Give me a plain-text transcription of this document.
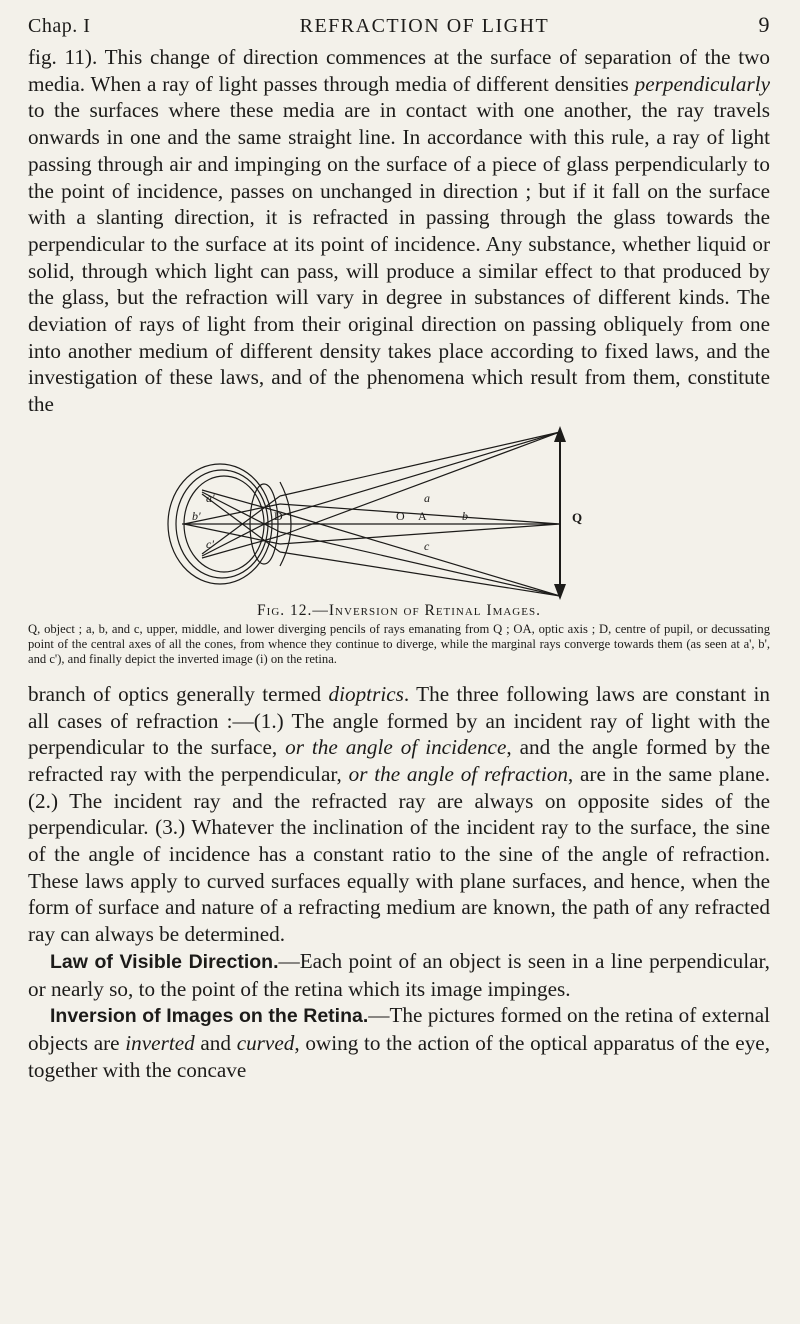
Chap. I	REFRACTION OF LIGHT	9

fig. 11). This change of direction commences at the surface of separation of the two media. When a ray of light passes through media of different densities perpendicularly to the surfaces where these media are in contact with one another, the ray travels onwards in one and the same straight line. In accordance with this rule, a ray of light passing through air and impinging on the surface of a piece of glass perpendicularly to the point of incidence, passes on unchanged in direction ; but if it fall on the surface with a slanting direction, it is refracted in passing through the glass towards the perpendicular to the surface at its point of incidence. Any substance, whether liquid or solid, through which light can pass, will produce a similar effect to that produced by the glass, but the refraction will vary in degree in substances of different kinds. The deviation of rays of light from their original direction on passing obliquely from one into another medium of different density takes place according to fixed laws, and the investigation of these laws, and of the phenomena which result from them, constitute the

Q
a
b
c
O A
D
a'
b'
c'
Fig. 12.—Inversion of Retinal Images.

Q, object ; a, b, and c, upper, middle, and lower diverging pencils of rays emanating from Q ; OA, optic axis ; D, centre of pupil, or decussating point of the central axes of all the cones, from whence they continue to diverge, while the marginal rays converge towards them (as seen at a', b', and c'), and finally depict the inverted image (i) on the retina.

branch of optics generally termed dioptrics. The three following laws are constant in all cases of refraction :—(1.) The angle formed by an incident ray of light with the perpendicular to the surface, or the angle of incidence, and the angle formed by the refracted ray with the perpendicular, or the angle of refraction, are in the same plane. (2.) The incident ray and the refracted ray are always on opposite sides of the perpendicular. (3.) Whatever the inclination of the incident ray to the surface, the sine of the angle of incidence has a constant ratio to the sine of the angle of refraction. These laws apply to curved surfaces equally with plane surfaces, and hence, when the form of surface and nature of a refracting medium are known, the path of any refracted ray can always be determined.

Law of Visible Direction.—Each point of an object is seen in a line perpendicular, or nearly so, to the point of the retina which its image impinges.

Inversion of Images on the Retina.—The pictures formed on the retina of external objects are inverted and curved, owing to the action of the optical apparatus of the eye, together with the concave
